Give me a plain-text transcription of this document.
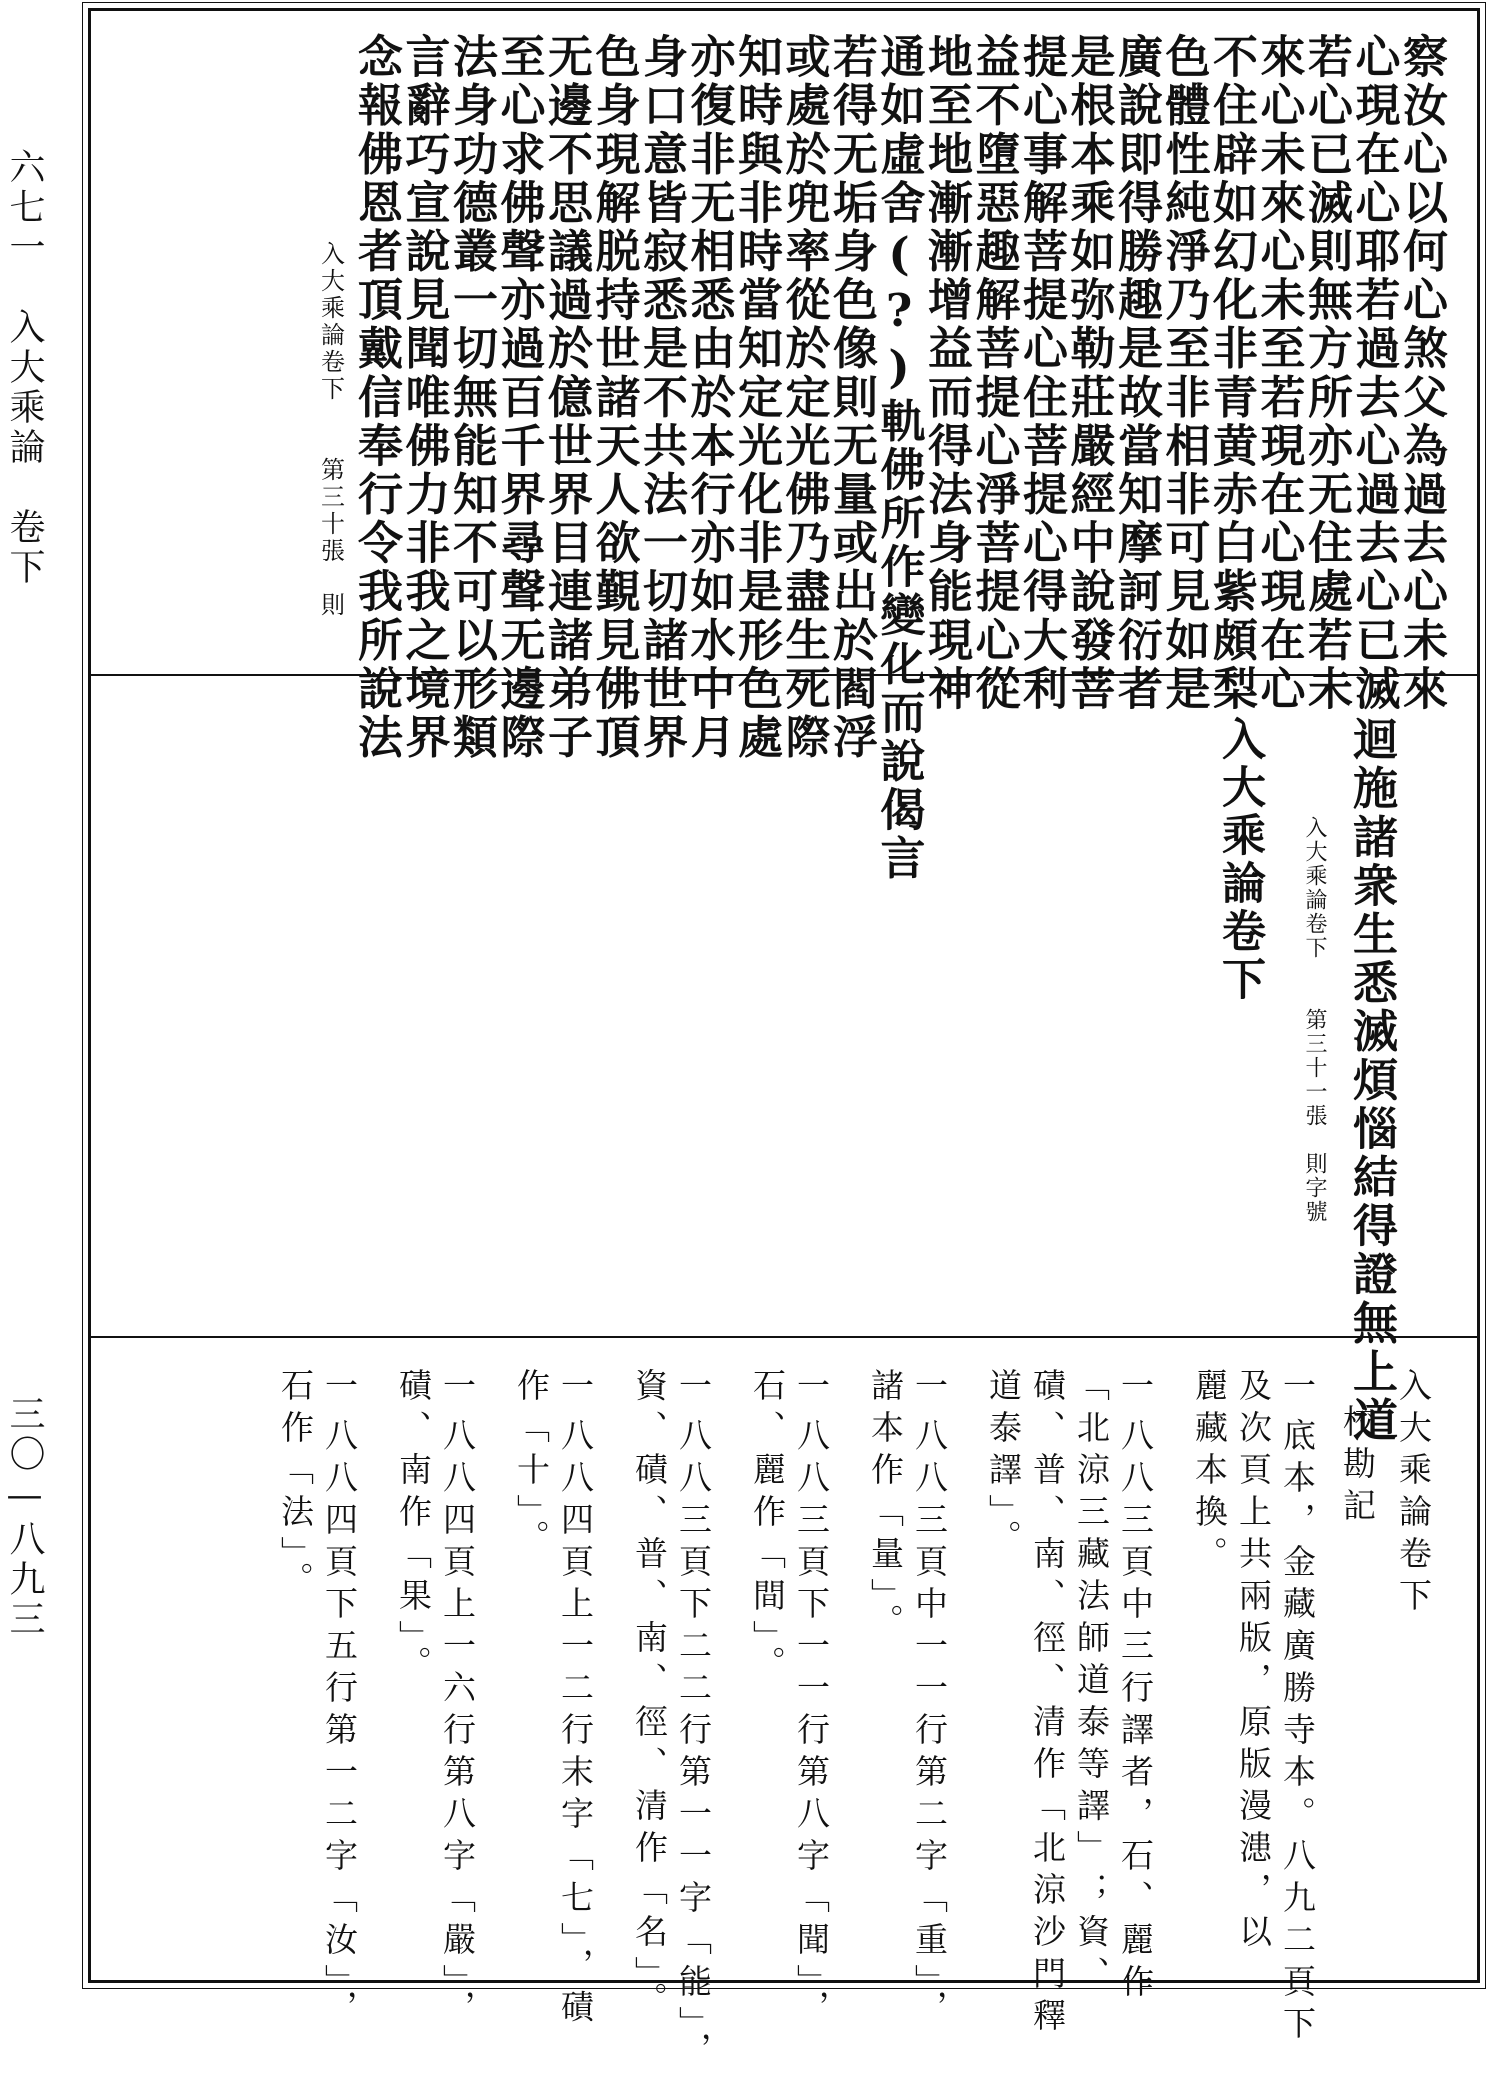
六七一　入大乘論　卷下
三〇—八九三
察汝心以何心煞父為過去心未來
心現在心耶若過去心過去心已滅
若心已滅則無方所亦无住處若未
來心未來心未至若現在心現在心
不住辟如幻化非青黄赤白紫頗梨
色體性純淨乃至非相非可見如是
廣說即得勝趣是故當知摩訶衍者
是根本乘如弥勒莊嚴經中說發菩
提心事解菩提心住菩提心得大利
益不墮惡趣解菩提心淨菩提心從
地至地漸漸增益而得法身能現神
通如虛舍(?)軌佛所作變化而說偈言
若得无垢身色像則无量或出於閻浮
或處於兜率從於定光佛乃盡生死際
知時與非時當知定光化非是形色處
亦復非无相悉由於本行亦如水中月
身口意皆寂悉是不共法一切諸世界
色身現解脱持世諸天人欲覲見佛頂
无邊不思議過於億世界目連諸弟子
至心求佛聲亦過百千界尋聲无邊際
法身功德叢一切無能知不可以形類
言辭巧宣說見聞唯佛力非我之境界
念報佛恩者頂戴信奉行令我所說法
入大乘論卷下　　第三十張　則
迴施諸衆生悉滅煩惱結得證無上道
入大乘論卷下　　第三十一張　則字號
入大乘論卷下
入大乘論卷下
校勘記
一
底本，金藏廣勝寺本。八九二頁下
及次頁上共兩版，原版漫漶，以
麗藏本換。
一
八八三頁中三行譯者，石、麗作
「北涼三藏法師道泰等譯」；資、
磧、普、南、徑、清作「北涼沙門釋
道泰譯」。
一
八八三頁中一一行第二字「重」，
諸本作「量」。
一
八八三頁下一一行第八字「聞」，
石、麗作「間」。
一
八八三頁下二二行第一一字「能」，
資、磧、普、南、徑、清作「名」。
一
八八四頁上一二行末字「七」，磧
作「十」。
一
八八四頁上一六行第八字「嚴」，
磧、南作「果」。
一
八八四頁下五行第一二字「汝」，
石作「法」。
